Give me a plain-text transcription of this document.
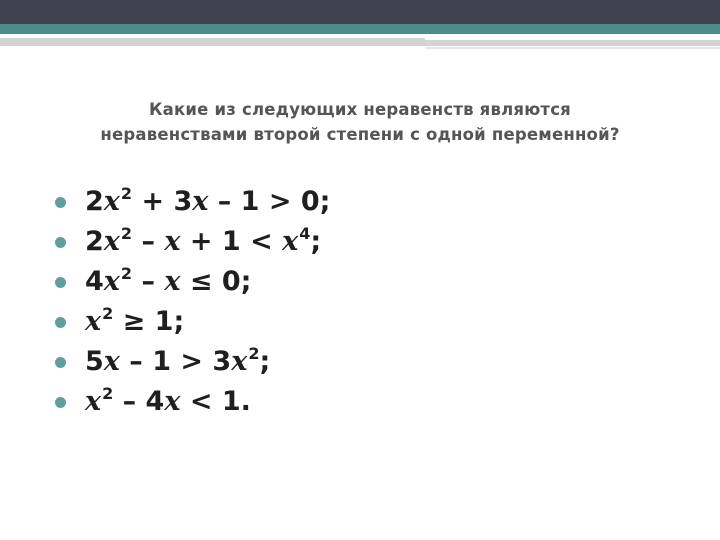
Какие из следующих неравенств являются
неравенствами второй степени с одной переменной?
$2x^2 + 3x - 1 > 0$;
$2x^2 - x + 1 < x^4$;
$4x^2 - x \le 0$;
$x^2 \ge 1$;
$5x - 1 > 3x^2$;
$x^2 - 4x < 1$.
